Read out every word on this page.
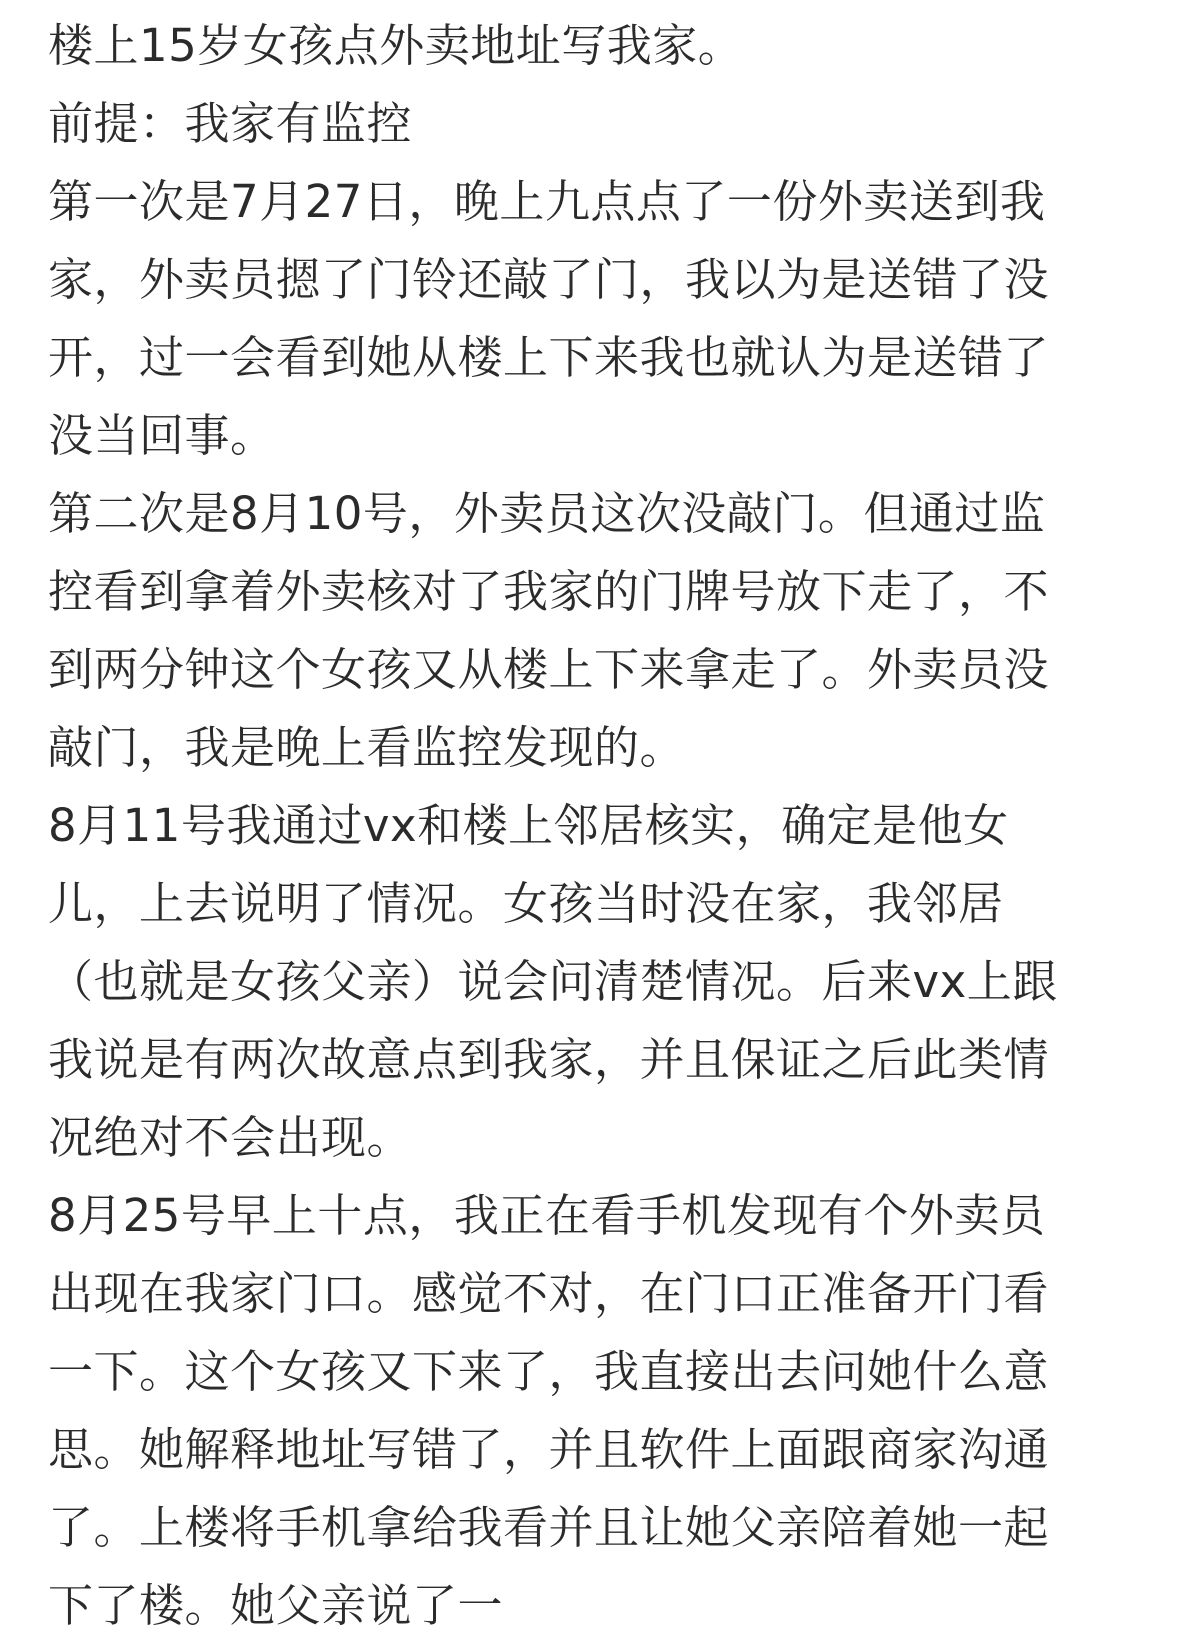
楼上15岁女孩点外卖地址写我家。
前提：我家有监控
第一次是7月27日，晚上九点点了一份外卖送到我
家，外卖员摁了门铃还敲了门，我以为是送错了没
开，过一会看到她从楼上下来我也就认为是送错了
没当回事。
第二次是8月10号，外卖员这次没敲门。但通过监
控看到拿着外卖核对了我家的门牌号放下走了，不
到两分钟这个女孩又从楼上下来拿走了。外卖员没
敲门，我是晚上看监控发现的。
8月11号我通过vx和楼上邻居核实，确定是他女
儿，上去说明了情况。女孩当时没在家，我邻居
（也就是女孩父亲）说会问清楚情况。后来vx上跟
我说是有两次故意点到我家，并且保证之后此类情
况绝对不会出现。
8月25号早上十点，我正在看手机发现有个外卖员
出现在我家门口。感觉不对，在门口正准备开门看
一下。这个女孩又下来了，我直接出去问她什么意
思。她解释地址写错了，并且软件上面跟商家沟通
了。上楼将手机拿给我看并且让她父亲陪着她一起
下了楼。她父亲说了一
